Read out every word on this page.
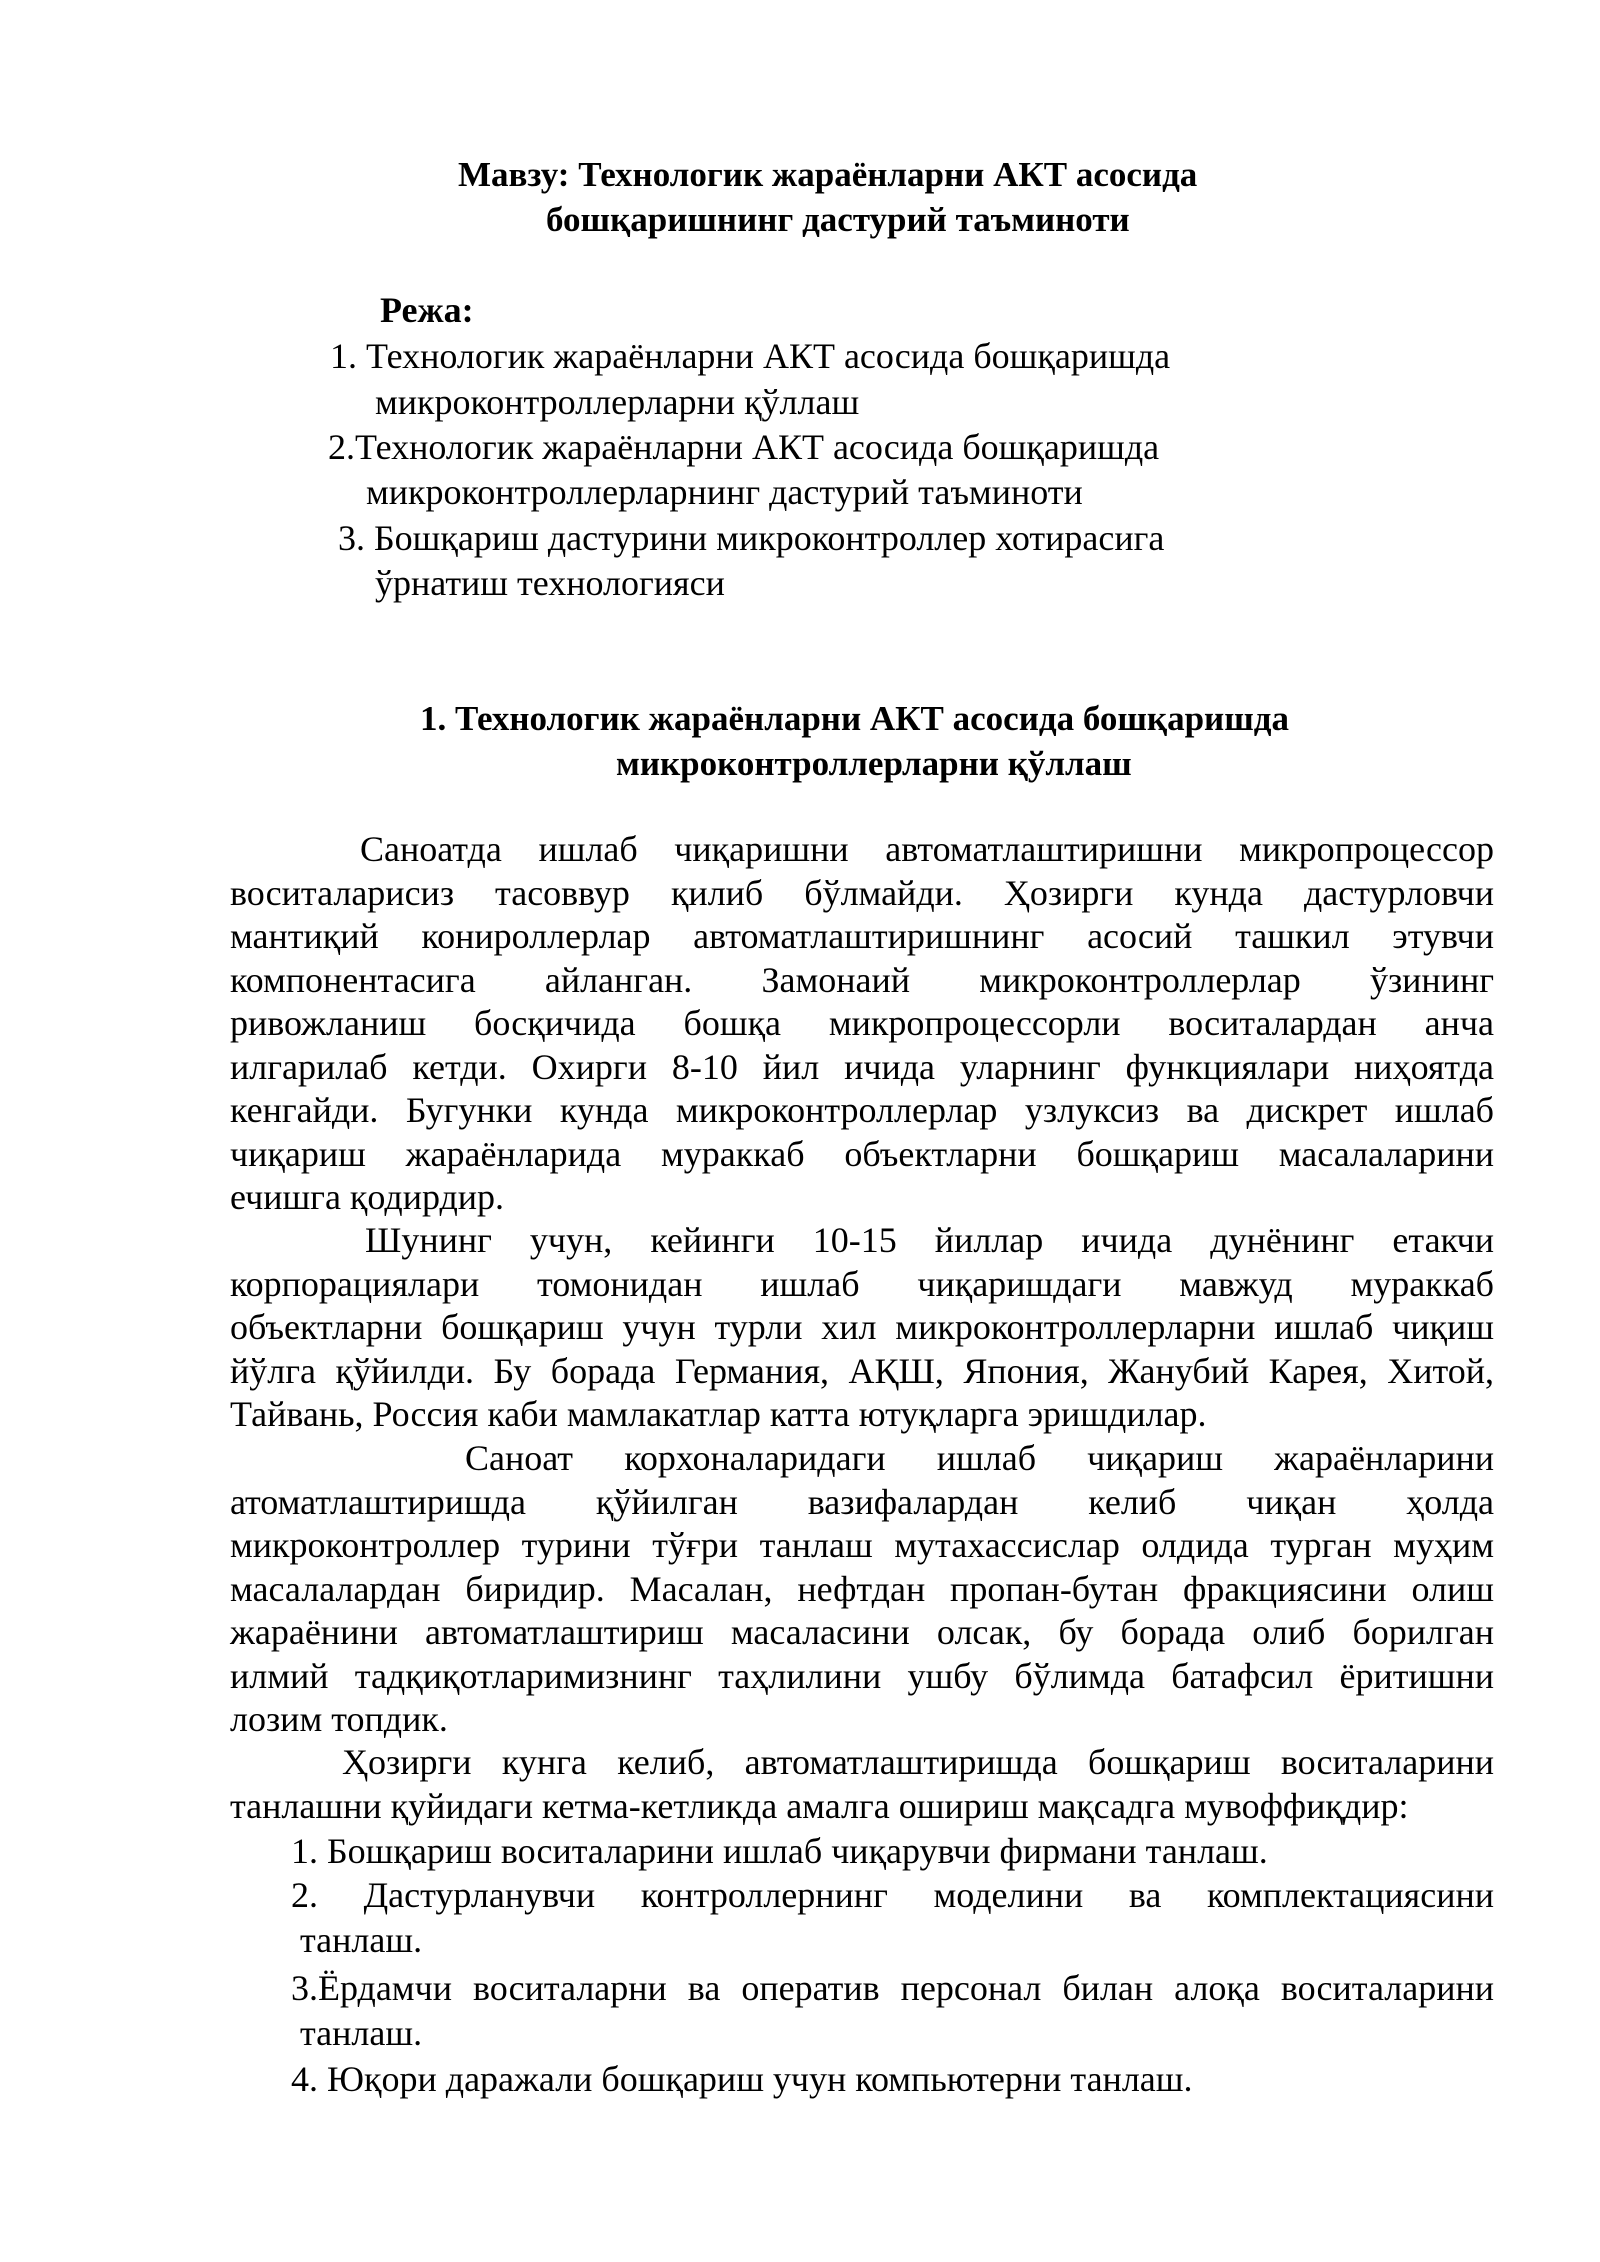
Мавзу: Технологик жараёнларни АКТ асосида
бошқаришнинг дастурий таъминоти
Режа:
1. Технологик жараёнларни АКТ асосида бошқаришда
микроконтроллерларни қўллаш
2.Технологик жараёнларни АКТ асосида бошқаришда
микроконтроллерларнинг дастурий таъминоти
3. Бошқариш дастурини микроконтроллер хотирасига
ўрнатиш технологияси
1. Технологик жараёнларни АКТ асосида бошқаришда
микроконтроллерларни қўллаш
Саноатда ишлаб чиқаришни автоматлаштиришни микропроцессор
воситаларисиз тасоввур қилиб бўлмайди. Ҳозирги кунда дастурловчи
мантиқий конироллерлар автоматлаштиришнинг асосий ташкил этувчи
компонентасига айланган. Замонаий микроконтроллерлар ўзининг
ривожланиш босқичида бошқа микропроцессорли воситалардан анча
илгарилаб кетди. Охирги 8-10 йил ичида уларнинг функциялари ниҳоятда
кенгайди. Бугунки кунда микроконтроллерлар узлуксиз ва дискрет ишлаб
чиқариш жараёнларида мураккаб объектларни бошқариш масалаларини
ечишга қодирдир.
Шунинг учун, кейинги 10-15 йиллар ичида дунёнинг етакчи
корпорациялари томонидан ишлаб чиқаришдаги мавжуд мураккаб
объектларни бошқариш учун турли хил микроконтроллерларни ишлаб чиқиш
йўлга қўйилди. Бу борада Германия, АҚШ, Япония, Жанубий Карея, Хитой,
Тайвань, Россия каби мамлакатлар катта ютуқларга эришдилар.
Саноат корхоналаридаги ишлаб чиқариш жараёнларини
атоматлаштиришда қўйилган вазифалардан келиб чиқан ҳолда
микроконтроллер турини тўғри танлаш мутахассислар олдида турган муҳим
масалалардан биридир. Масалан, нефтдан пропан-бутан фракциясини олиш
жараёнини автоматлаштириш масаласини олсак, бу борада олиб борилган
илмий тадқиқотларимизнинг таҳлилини ушбу бўлимда батафсил ёритишни
лозим топдик.
Ҳозирги кунга келиб, автоматлаштиришда бошқариш воситаларини
танлашни қуйидаги кетма-кетликда амалга ошириш мақсадга мувоффиқдир:
1. Бошқариш воситаларини ишлаб чиқарувчи фирмани танлаш.
2. Дастурланувчи контроллернинг моделини ва комплектациясини
танлаш.
3.Ёрдамчи воситаларни ва оператив персонал билан алоқа воситаларини
танлаш.
4. Юқори даражали бошқариш учун компьютерни танлаш.
